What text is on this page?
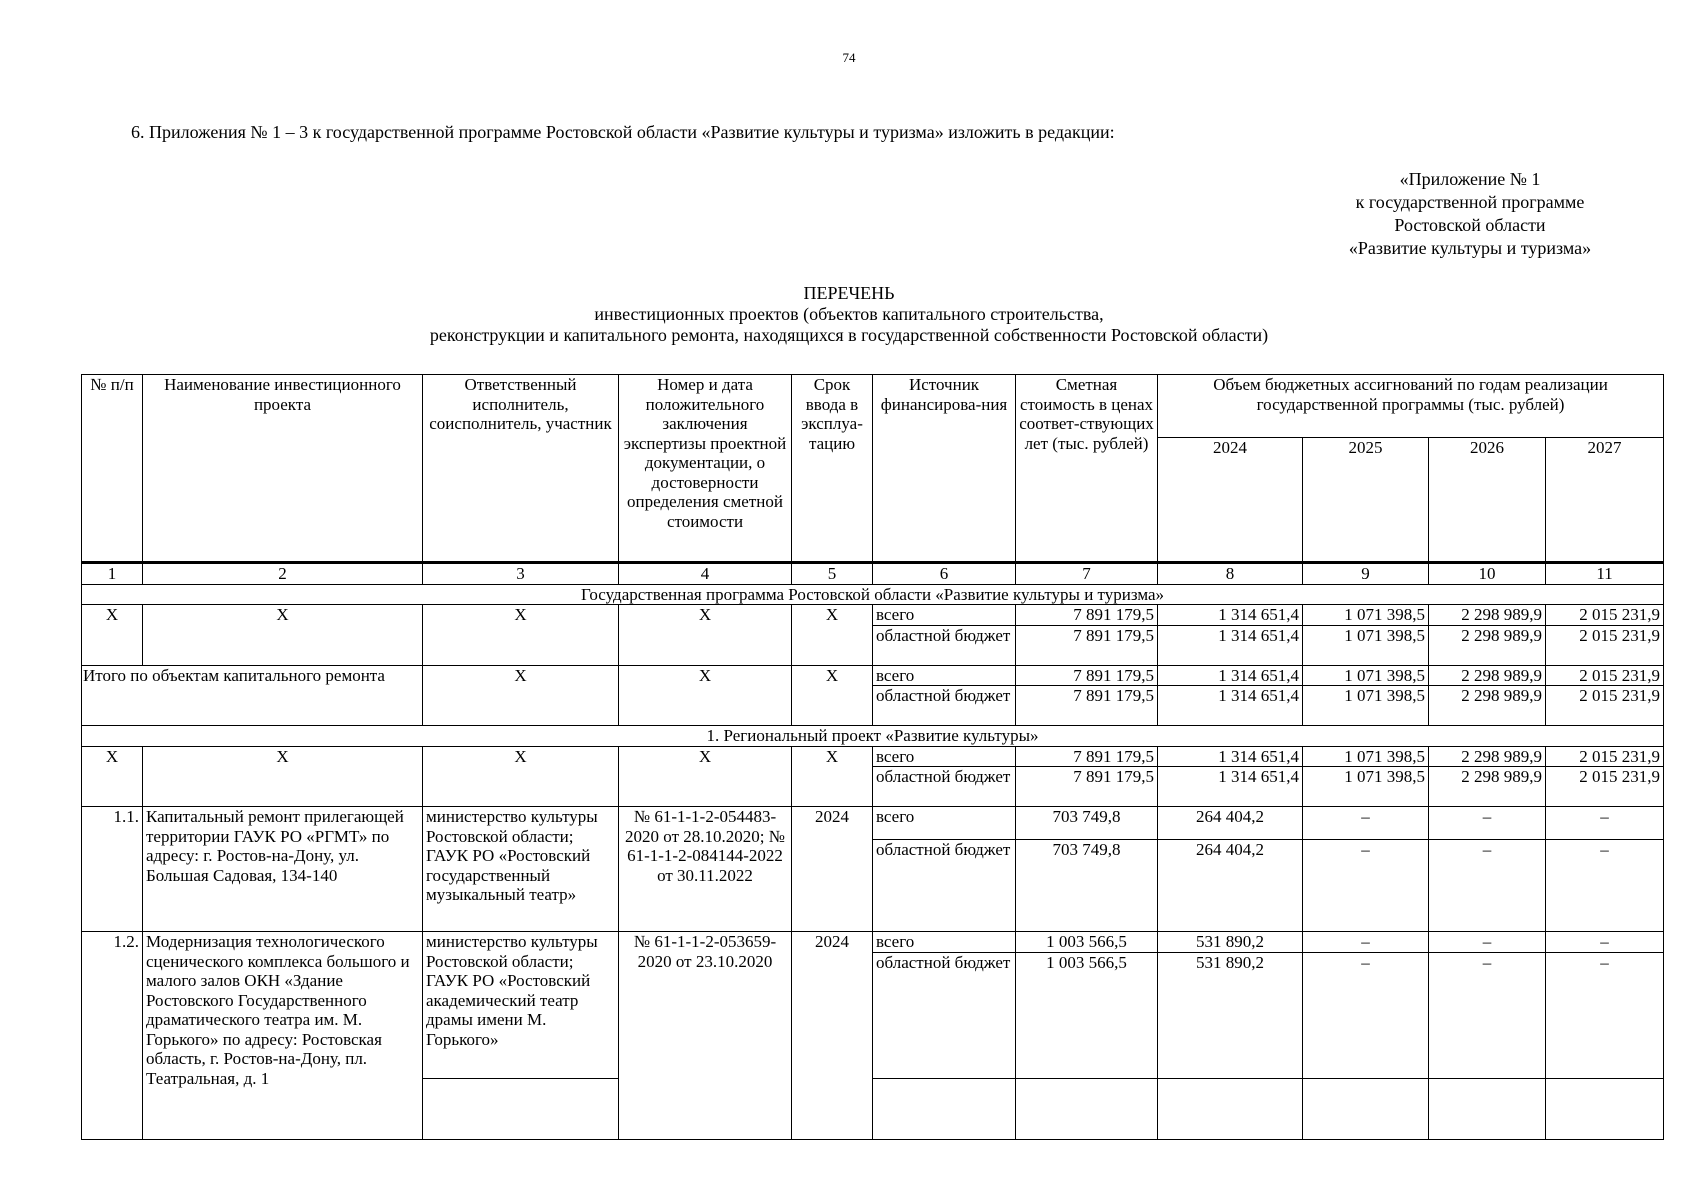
74
6. Приложения № 1 – 3 к государственной программе Ростовской области «Развитие культуры и туризма» изложить в редакции:
«Приложение № 1
к государственной программе
Ростовской области
«Развитие культуры и туризма»
ПЕРЕЧЕНЬ
инвестиционных проектов (объектов капитального строительства,
реконструкции и капитального ремонта, находящихся в государственной собственности Ростовской области)
№ п/п	Наименование инвестиционного проекта	Ответственный исполнитель, соисполнитель, участник	Номер и дата положительного заключения экспертизы проектной документации, о достоверности определения сметной стоимости	Срок ввода в эксплуа-тацию	Источник финансирова-ния	Сметная стоимость в ценах соответ-ствующих лет (тыс. рублей)	Объем бюджетных ассигнований по годам реализации государственной программы (тыс. рублей)				
							2024	2025	2026	2027	
1	2	3	4	5	6	7	8	9	10	11	
Государственная программа Ростовской области «Развитие культуры и туризма»											
Х	Х	Х	Х	Х	всего	7 891 179,5	1 314 651,4	1 071 398,5	2 298 989,9	2 015 231,9	
					областной бюджет	7 891 179,5	1 314 651,4	1 071 398,5	2 298 989,9	2 015 231,9	
Итого по объектам капитального ремонта		Х	Х	Х	всего	7 891 179,5	1 314 651,4	1 071 398,5	2 298 989,9	2 015 231,9	
					областной бюджет	7 891 179,5	1 314 651,4	1 071 398,5	2 298 989,9	2 015 231,9	
1. Региональный проект «Развитие культуры»											
Х	Х	Х	Х	Х	всего	7 891 179,5	1 314 651,4	1 071 398,5	2 298 989,9	2 015 231,9	
					областной бюджет	7 891 179,5	1 314 651,4	1 071 398,5	2 298 989,9	2 015 231,9	
1.1.	Капитальный ремонт прилегающей территории ГАУК РО «РГМТ» по адресу: г. Ростов-на-Дону, ул. Большая Садовая, 134-140	министерство культуры Ростовской области; ГАУК РО «Ростовский государственный музыкальный театр»	№ 61-1-1-2-054483-2020 от 28.10.2020; № 61-1-1-2-084144-2022 от 30.11.2022	2024	всего	703 749,8	264 404,2	–	–	–	
					областной бюджет	703 749,8	264 404,2	–	–	–	
1.2.	Модернизация технологического сценического комплекса большого и малого залов ОКН «Здание Ростовского Государственного драматического театра им. М. Горького» по адресу: Ростовская область, г. Ростов-на-Дону, пл. Театральная, д. 1	министерство культуры Ростовской области; ГАУК РО «Ростовский академический театр драмы имени М. Горького»	№ 61-1-1-2-053659-2020 от 23.10.2020	2024	всего	1 003 566,5	531 890,2	–	–	–	
					областной бюджет	1 003 566,5	531 890,2	–	–	–	
